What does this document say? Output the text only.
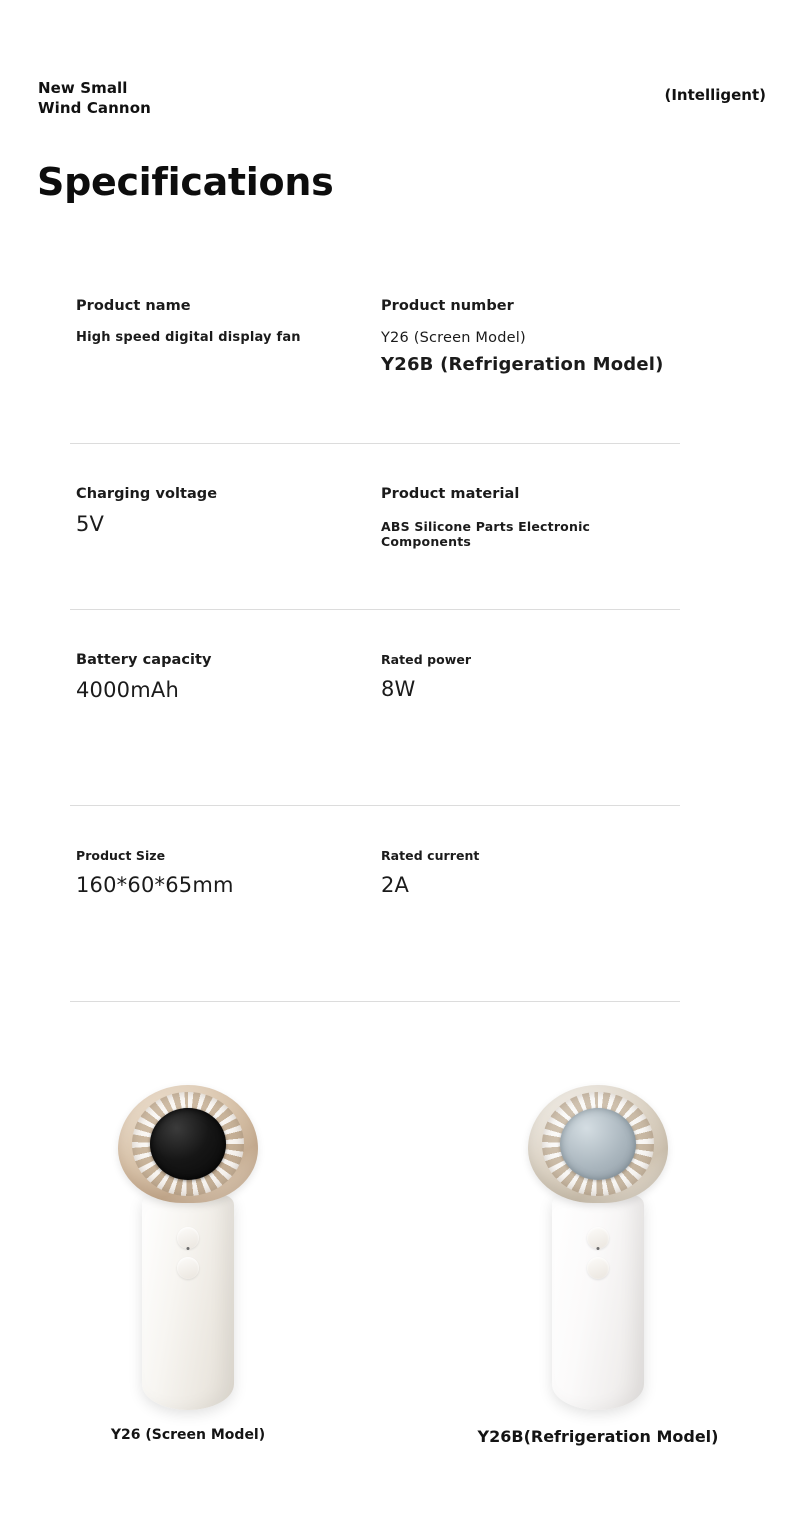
New Small
Wind Cannon
(Intelligent)
Specifications
Product name
High speed digital display fan
Product number
Y26 (Screen Model)
Y26B (Refrigeration Model)
Charging voltage
5V
Product material
ABS Silicone Parts Electronic Components
Battery capacity
4000mAh
Rated power
8W
Product Size
160*60*65mm
Rated current
2A
Y26 (Screen Model)	Y26B(Refrigeration Model)
